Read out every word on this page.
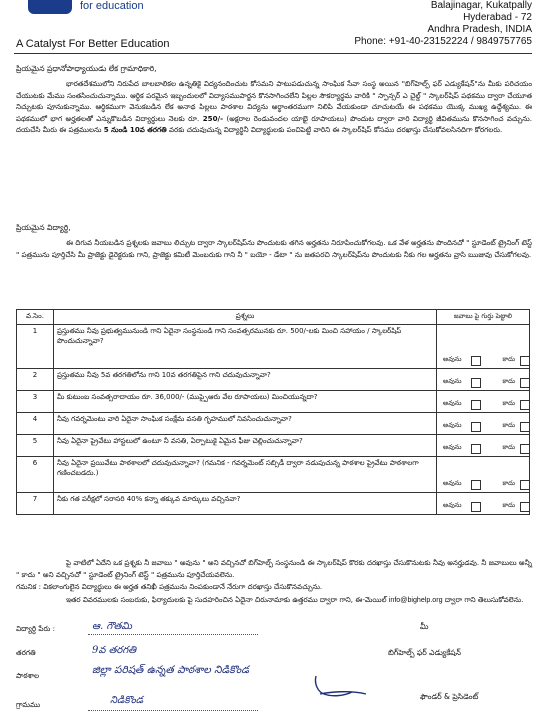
for education
A Catalyst For Better Education
Balajinagar, Kukatpally
Hyderabad - 72
Andhra Pradesh, INDIA
Phone: +91-40-23152224 / 9849757765
ప్రియమైన ప్రధానోపాధ్యాయుడు లేక గ్రామాధికారి,
భారతదేశములోని నిరుపేద బాలబాలికల ఉన్నతికై విద్యనందించుట కోసమని పాటుపడుచున్న సాంఘిక సేవా సంస్థ అయిన "బిగ్‌హెల్ప్ ఫర్ ఎడ్యుకేషన్"ను మీకు పరిచయం చేయుటకు మేము సంతసించుచున్నాము. ఆర్థిక పరమైన ఇబ్బందులలో విద్యాసముపార్జన కొనసాగించలేని పిల్లల సౌకర్యార్థమ వారికి " స్పాన్సర్ ఎ చైల్డ్ " స్కాలర్‌షిప్ పథకము ద్వారా చేయూత నిచ్చుటకు పూనుకున్నాము. ఆర్థికముగా వెనుకబడిన లేక అనాథ పిల్లలు పాఠశాల విద్యను అర్థాంతరముగా నిలిపి వేయకుండా చూచుటయే ఈ పథకము యొక్క ముఖ్య ఉద్దేశ్యము. ఈ పథకములో భాగ అర్హతలతో ఎన్నుకొబడిన విద్యార్థులు నెలకు రూ. 250/- (అక్షరాల రెండువందల యాభై రూపాయలు) పొందుట ద్వారా వారి విద్యార్థి జీవితమును కొనసాగించ వచ్చును. దయచేసి మీరు ఈ పత్రములను 5 నుండి 10వ తరగతి వరకు చదువుచున్న విద్యార్థినీ విద్యార్థులకు పంచిపెట్టి వారిని ఈ స్కాలర్‌షిప్ కోసము దరఖాస్తు చేసుకోవలసినదిగా కోరగలరు.
ప్రియమైన విద్యార్థి,
ఈ దిగువ నీయబడిన ప్రశ్నలకు జవాబు లిచ్చుట ద్వారా స్కాలర్‌షిప్‌ను పొందుటకు తగిన అర్హతను నిరూపించుకోగలవు. ఒక వేళ అర్హతను పొందినచో " స్టూడెంట్ ట్రైనింగ్ టెస్ట్ " పత్రమును పూర్తిచేసి మీ ప్రాజెక్టు డైరెక్టరుకు గాని, ప్రాజెక్టు కమిటీ మెంబరుకు గాని నీ " బయో - డేటా " ను జతపరచి స్కాలర్‌షిప్‌ను పొందుటకు నీకు గల అర్హతను వ్రాసి ఋజువు చేసుకోగలవు.
వ.సెం.	ప్రశ్నలు	జవాబు పై గుర్తు పెట్టాలి
1	ప్రస్తుతము నీవు ప్రభుత్వమునుండి గాని ఏదైనా సంస్థనుండి గాని సంవత్సరమునకు రూ. 500/-లకు మించి సహాయం / స్కాలర్‌షిప్ పొందుచున్నావా?	అవును కాదు

2	ప్రస్తుతము నీవు 5వ తరగతిలోను గాని 10వ తరగతిపైన గాని చదువుచున్నావా?	అవును కాదు

3	మీ కుటుంబ సంవత్సరాదాయం రూ. 36,000/- (ముప్పైఆరు వేల రూపాయలు) మించియున్నదా?	అవును కాదు

4	నీవు గవర్నమెంటు వారి ఏదైనా సాంఘిక సంక్షేమ వసతి గృహములో నివసించుచున్నావా?	అవును కాదు

5	నీవు ఏదైనా ప్రైవేటు హాస్టలులో ఉంటూ నీ వసతి, ఏర్పాటుకై ఏమైన ఫీజు చెల్లించుచున్నావా?	అవును కాదు

6	నీవు ఏదైనా ప్రయివేటు పాఠశాలలో చదువుచున్నావా? (గమనిక - గవర్నమెంట్ సబ్సిడీ ద్వారా నడుపుచున్న పాఠశాల ప్రైవేటు పాఠశాలగా గణించబడదు.)	అవును కాదు

7	నీకు గత పరీక్షలో సరాసరి 40% కన్నా తక్కువ మార్కులు వచ్చినవా?	అవును కాదు
పై వాటిలో ఏదేని ఒక ప్రశ్నకు నీ జవాబు " అవును " అని వచ్చినచో బిగ్‌హెల్ప్ సంస్థనుండి ఈ స్కాలర్‌షిప్ కొరకు దరఖాస్తు చేసుకొనుటకు నీవు అనర్హుడవు. నీ జవాబులు అన్నీ " కాదు " అని వచ్చినచో " స్టూడెంట్ ట్రైనింగ్ టెస్ట్ " పత్రమును పూర్తిచేయవలెను.
గమనిక : వికలాంగులైన విద్యార్థులు ఈ అర్హత తనిఖీ పత్రమును నింపకుండానే నేరుగా దరఖాస్తు చేసుకొనవచ్చును.
ఇతర వివరములకు సంబరుకు, ఫిర్యాదులకు పై సుదహరించిన ఏదైనా చిరునామాకు ఉత్తరము ద్వారా గాని, ఈ-మెయిల్ info@bighelp.org ద్వారా గాని తెలుసుకోవలెను.
విద్యార్థి పేరు :	ఆ. గౌతమి	మీ
బిగ్‌హెల్ప్ ఫర్ ఎడ్యుకేషన్
తరగతి	9వ తరగతి
పాఠశాల	జిల్లా పరిషత్ ఉన్నత పాఠశాల నిడికొండ
గ్రామము	నిడికొండ	ఫౌండర్ & ప్రెసిడెంట్
